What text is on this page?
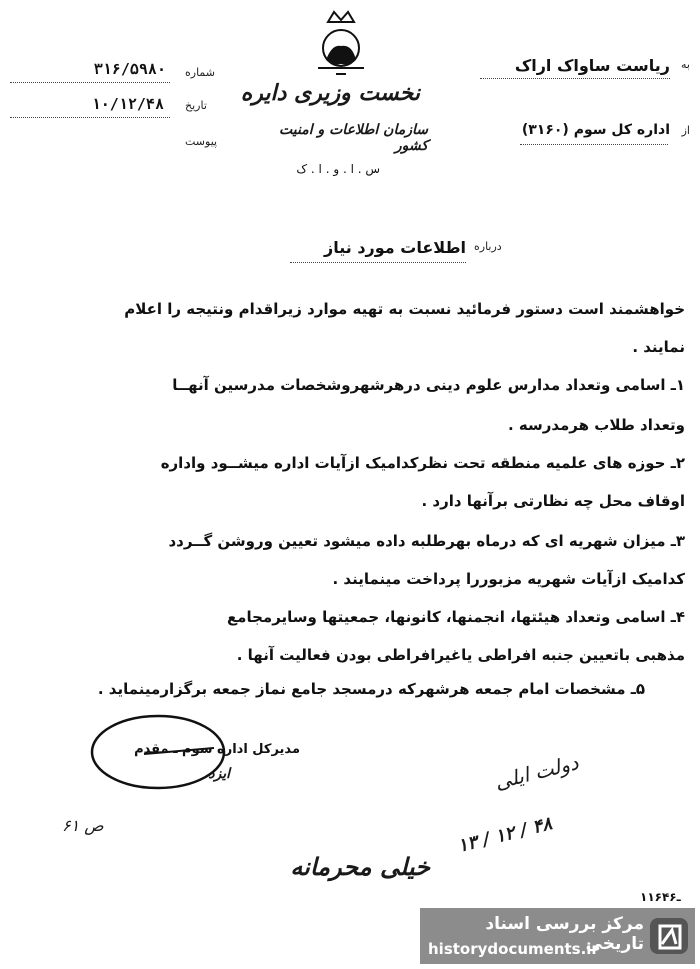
۳۱۶/۵۹۸۰ شماره
۱۰/۱۲/۴۸ تاریخ
پیوست
نخست وزیری دایره
سازمان اطلاعات و امنیت کشور
س . ا . و . ا . ک
به
ریاست ساواک اراک
از
اداره کل سوم (۳۱۶۰)
درباره
اطلاعات مورد نیاز
خواهشمند است دستور فرمائید نسبت به تهیه موارد زیراقدام ونتیجه را اعلام
نمایند .
۱ـ اسامی وتعداد مدارس علوم دینی درهرشهروشخصات مدرسین آنهــا
وتعداد طلاب هرمدرسه .
۲ـ حوزه های علمیه منطقه تحت نظرکدامیک ازآیات اداره میشــود واداره
اوقاف محل چه نظارتی برآنها دارد .
۳ـ میزان شهریه ای که درماه بهرطلبه داده میشود تعیین وروشن گــردد
کدامیک ازآیات شهریه مزبوررا پرداخت مینمایند .
۴ـ اسامی وتعداد هیئتها، انجمنها، کانونها، جمعیتها وسایرمجامع
مذهبی باتعیین جنبه افراطی یاغیرافراطی بودن فعالیت آنها .
۵ـ مشخصات امام جمعه هرشهرکه درمسجد جامع نماز جمعه برگزارمینماید .
مدیرکل اداره سوم ـ مقدم
ایزد
ص ۶۱
دولت ایلی
۱۳ / ۱۲ / ۴۸
خیلی محرمانه
۱۱۶ـ۴۶
مرکز بررسی اسناد تاریخی
historydocuments.ir
